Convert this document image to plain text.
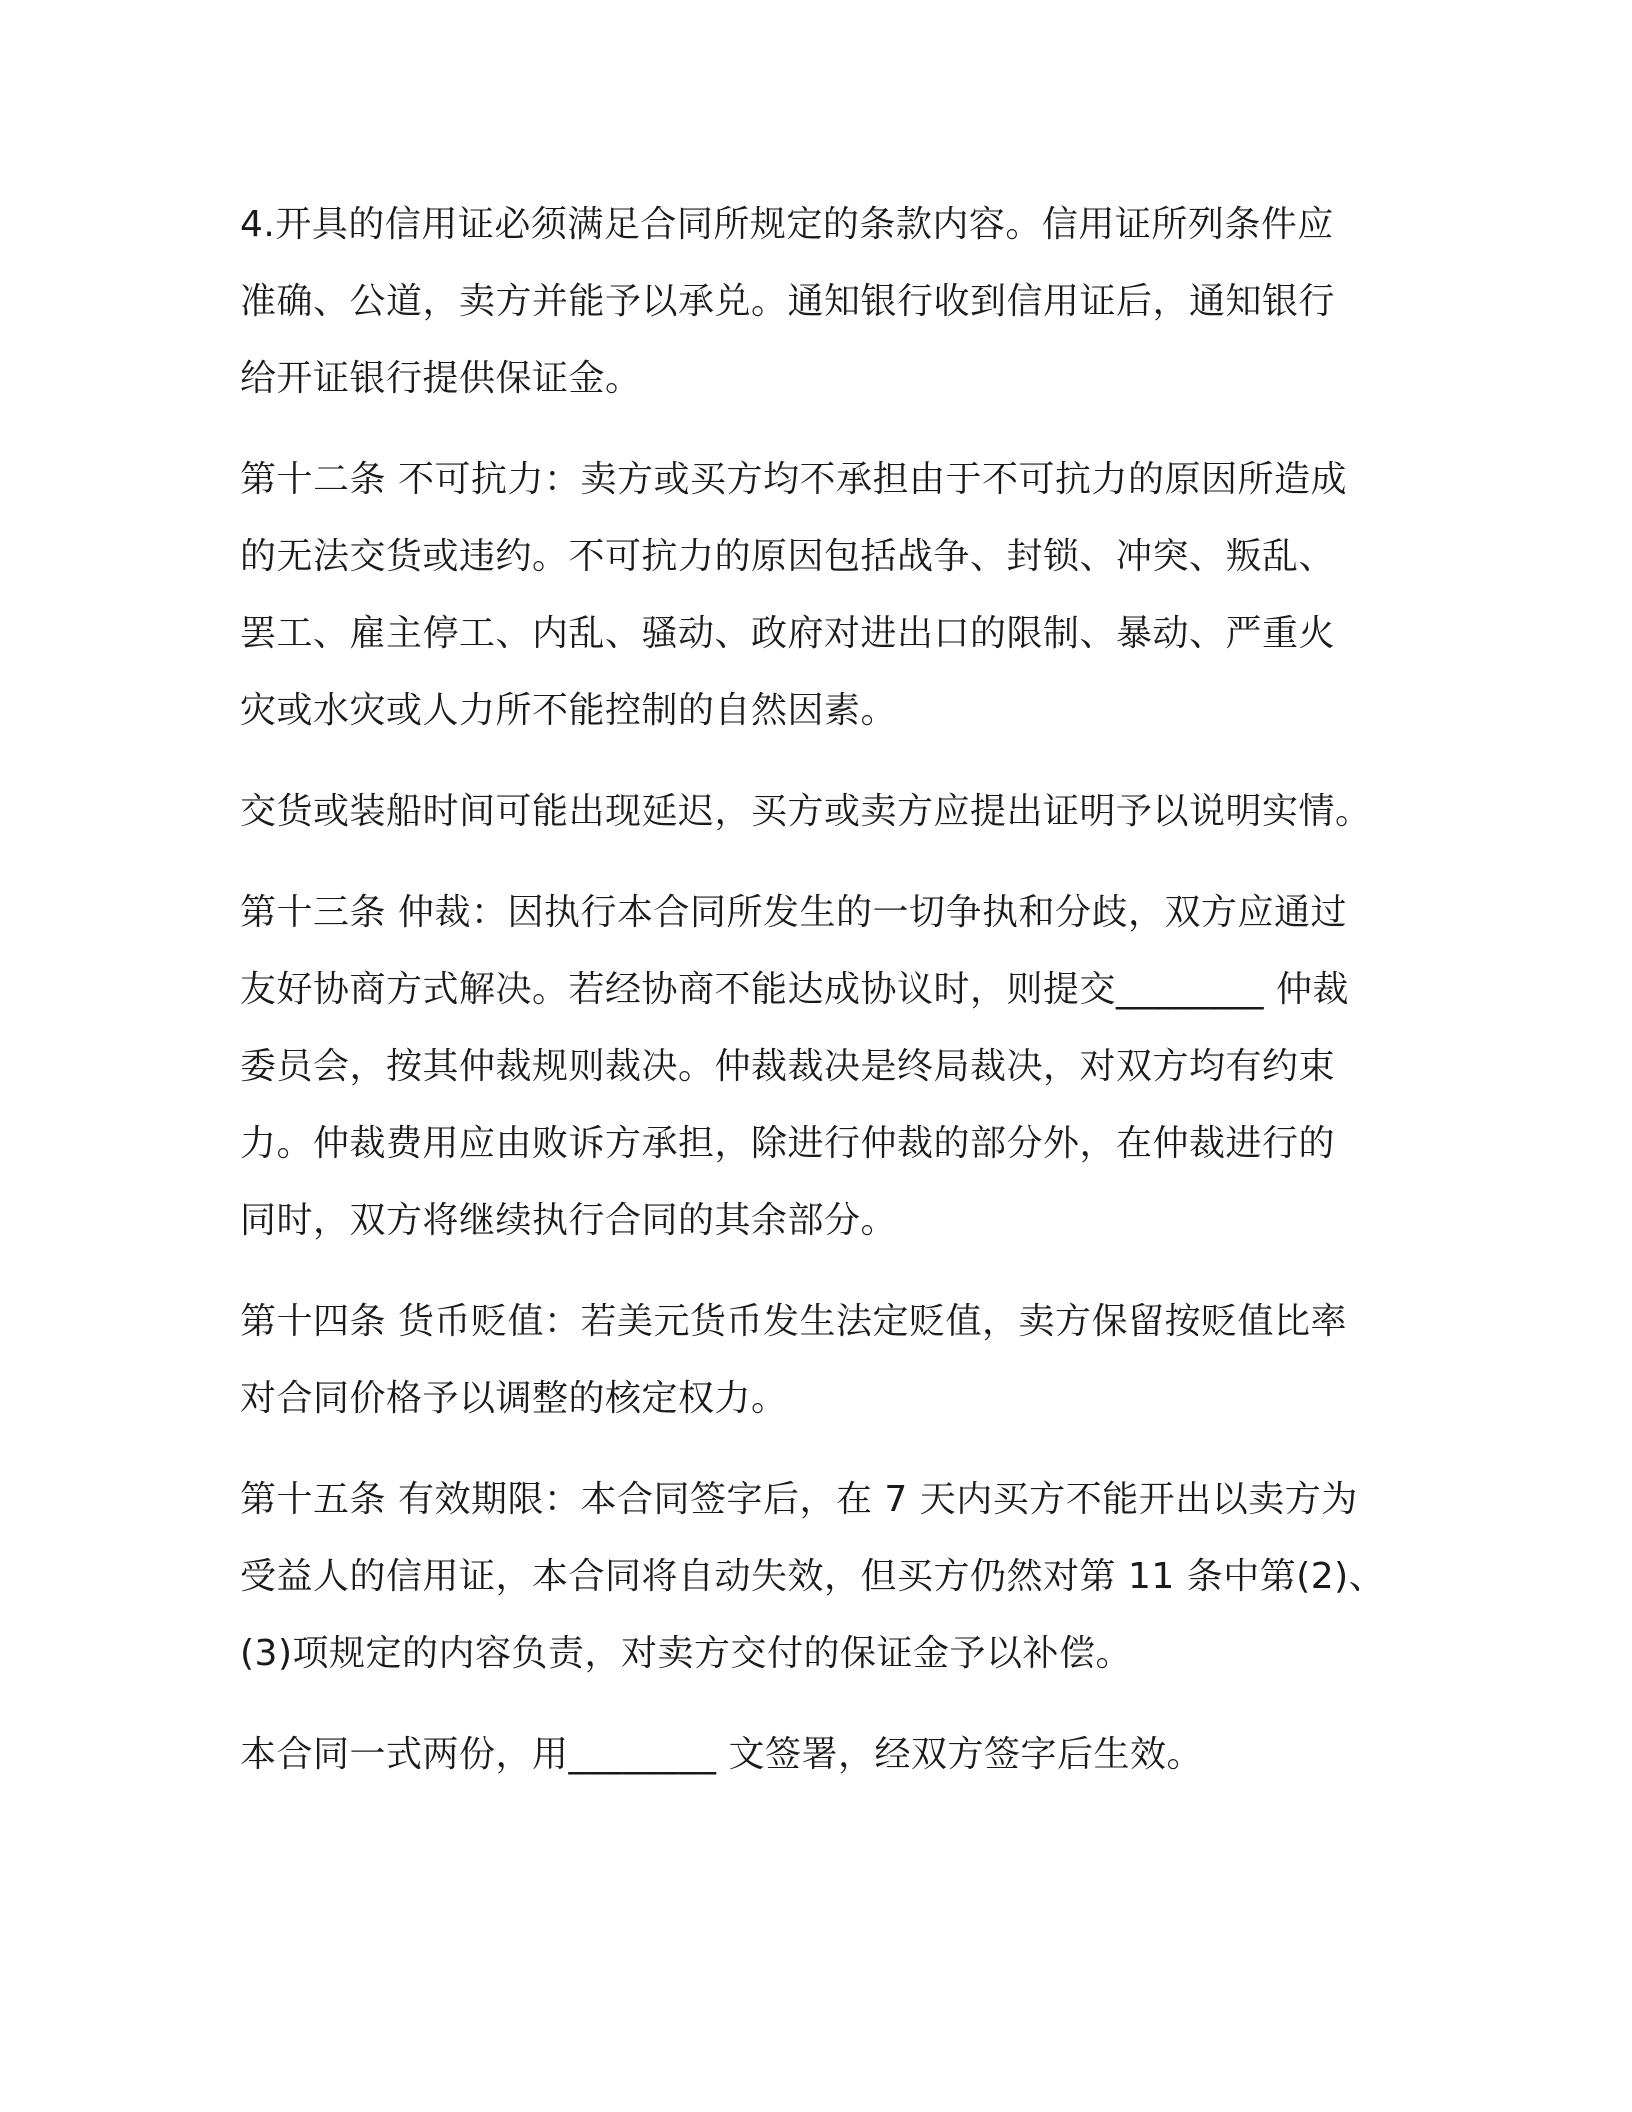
4.开具的信用证必须满足合同所规定的条款内容。信用证所列条件应
准确、公道，卖方并能予以承兑。通知银行收到信用证后，通知银行
给开证银行提供保证金。
第十二条 不可抗力：卖方或买方均不承担由于不可抗力的原因所造成
的无法交货或违约。不可抗力的原因包括战争、封锁、冲突、叛乱、
罢工、雇主停工、内乱、骚动、政府对进出口的限制、暴动、严重火
灾或水灾或人力所不能控制的自然因素。
交货或装船时间可能出现延迟，买方或卖方应提出证明予以说明实情。
第十三条 仲裁：因执行本合同所发生的一切争执和分歧，双方应通过
友好协商方式解决。若经协商不能达成协议时，则提交________ 仲裁
委员会，按其仲裁规则裁决。仲裁裁决是终局裁决，对双方均有约束
力。仲裁费用应由败诉方承担，除进行仲裁的部分外，在仲裁进行的
同时，双方将继续执行合同的其余部分。
第十四条 货币贬值：若美元货币发生法定贬值，卖方保留按贬值比率
对合同价格予以调整的核定权力。
第十五条 有效期限：本合同签字后，在 7 天内买方不能开出以卖方为
受益人的信用证，本合同将自动失效，但买方仍然对第 11 条中第(2)、
(3)项规定的内容负责，对卖方交付的保证金予以补偿。
本合同一式两份，用________ 文签署，经双方签字后生效。
